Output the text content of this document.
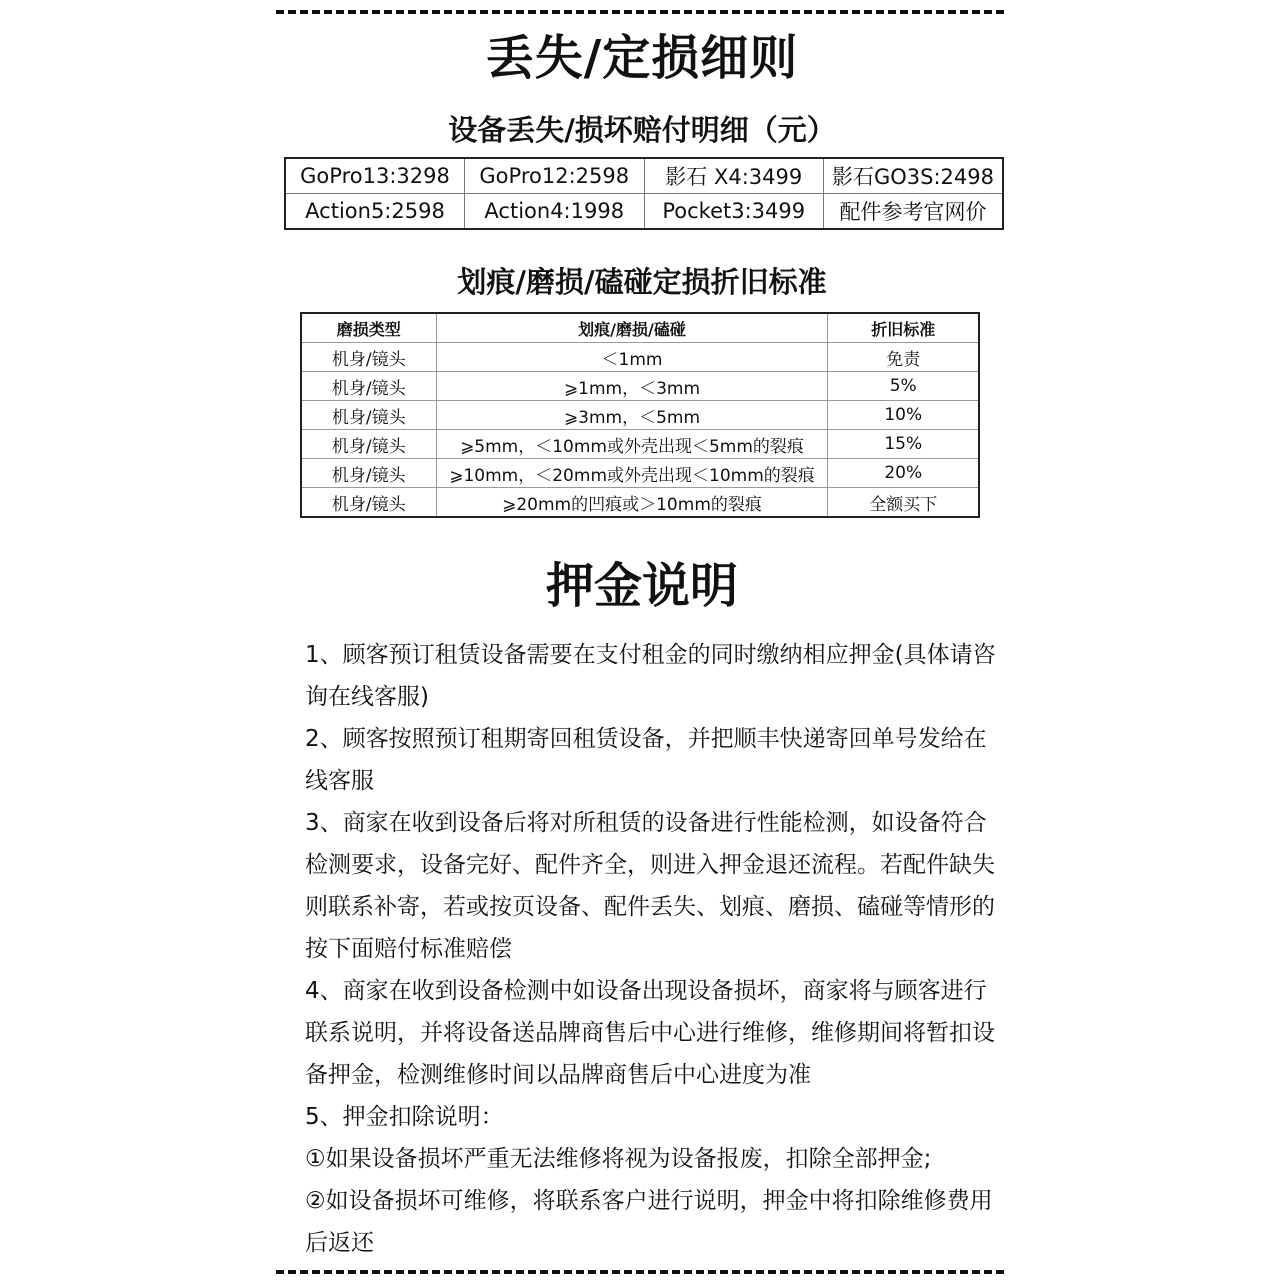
丢失/定损细则
设备丢失/损坏赔付明细（元）
GoPro13:3298	GoPro12:2598	影石 X4:3499	影石GO3S:2498
Action5:2598	Action4:1998	Pocket3:3499	配件参考官网价
划痕/磨损/磕碰定损折旧标准
磨损类型	划痕/磨损/磕碰	折旧标准
机身/镜头	＜1mm	免责
机身/镜头	⩾1mm，＜3mm	5%
机身/镜头	⩾3mm，＜5mm	10%
机身/镜头	⩾5mm，＜10mm或外壳出现＜5mm的裂痕	15%
机身/镜头	⩾10mm，＜20mm或外壳出现＜10mm的裂痕	20%
机身/镜头	⩾20mm的凹痕或＞10mm的裂痕	全额买下
押金说明

1、顾客预订租赁设备需要在支付租金的同时缴纳相应押金(具体请咨询在线客服)

2、顾客按照预订租期寄回租赁设备，并把顺丰快递寄回单号发给在线客服

3、商家在收到设备后将对所租赁的设备进行性能检测，如设备符合检测要求，设备完好、配件齐全，则进入押金退还流程。若配件缺失则联系补寄，若或按页设备、配件丢失、划痕、磨损、磕碰等情形的按下面赔付标准赔偿

4、商家在收到设备检测中如设备出现设备损坏，商家将与顾客进行联系说明，并将设备送品牌商售后中心进行维修，维修期间将暂扣设备押金，检测维修时间以品牌商售后中心进度为准

5、押金扣除说明：

①如果设备损坏严重无法维修将视为设备报废，扣除全部押金;

②如设备损坏可维修，将联系客户进行说明，押金中将扣除维修费用后返还
